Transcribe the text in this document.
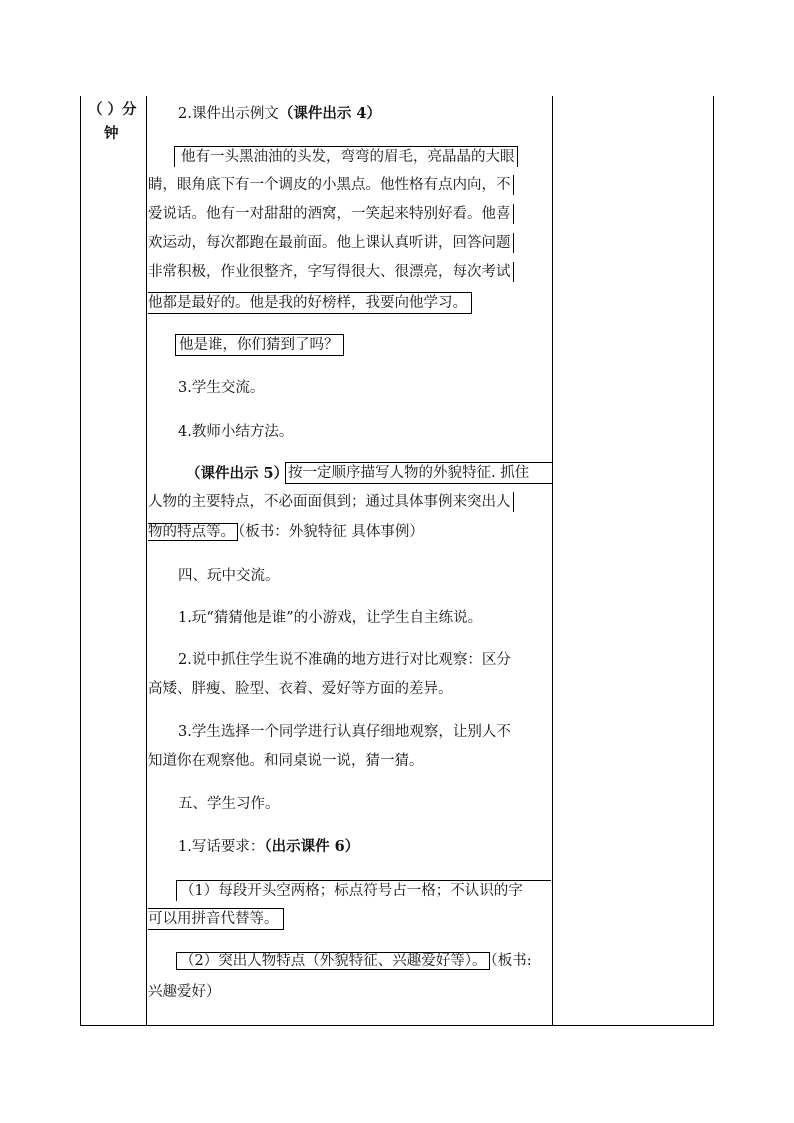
（ ）分
钟
2.课件出示例文（课件出示 4）
他有一头黑油油的头发，弯弯的眉毛，亮晶晶的大眼
睛，眼角底下有一个调皮的小黑点。他性格有点内向，不
爱说话。他有一对甜甜的酒窝，一笑起来特别好看。他喜
欢运动，每次都跑在最前面。他上课认真听讲，回答问题
非常积极，作业很整齐，字写得很大、很漂亮，每次考试
他都是最好的。他是我的好榜样，我要向他学习。
他是谁，你们猜到了吗？
3.学生交流。
4.教师小结方法。
（课件出示 5） 按一定顺序描写人物的外貌特征. 抓住
人物的主要特点，不必面面俱到；通过具体事例来突出人
物的特点等。 （板书：外貌特征 具体事例）
四、玩中交流。
1.玩“猜猜他是谁”的小游戏，让学生自主练说。
2.说中抓住学生说不准确的地方进行对比观察：区分
高矮、胖瘦、脸型、衣着、爱好等方面的差异。
3.学生选择一个同学进行认真仔细地观察，让别人不
知道你在观察他。和同桌说一说，猜一猜。
五、学生习作。
1.写话要求：（出示课件 6）
（1）每段开头空两格；标点符号占一格；不认识的字
可以用拼音代替等。
（2）突出人物特点（外貌特征、兴趣爱好等）。 （板书:
兴趣爱好）
